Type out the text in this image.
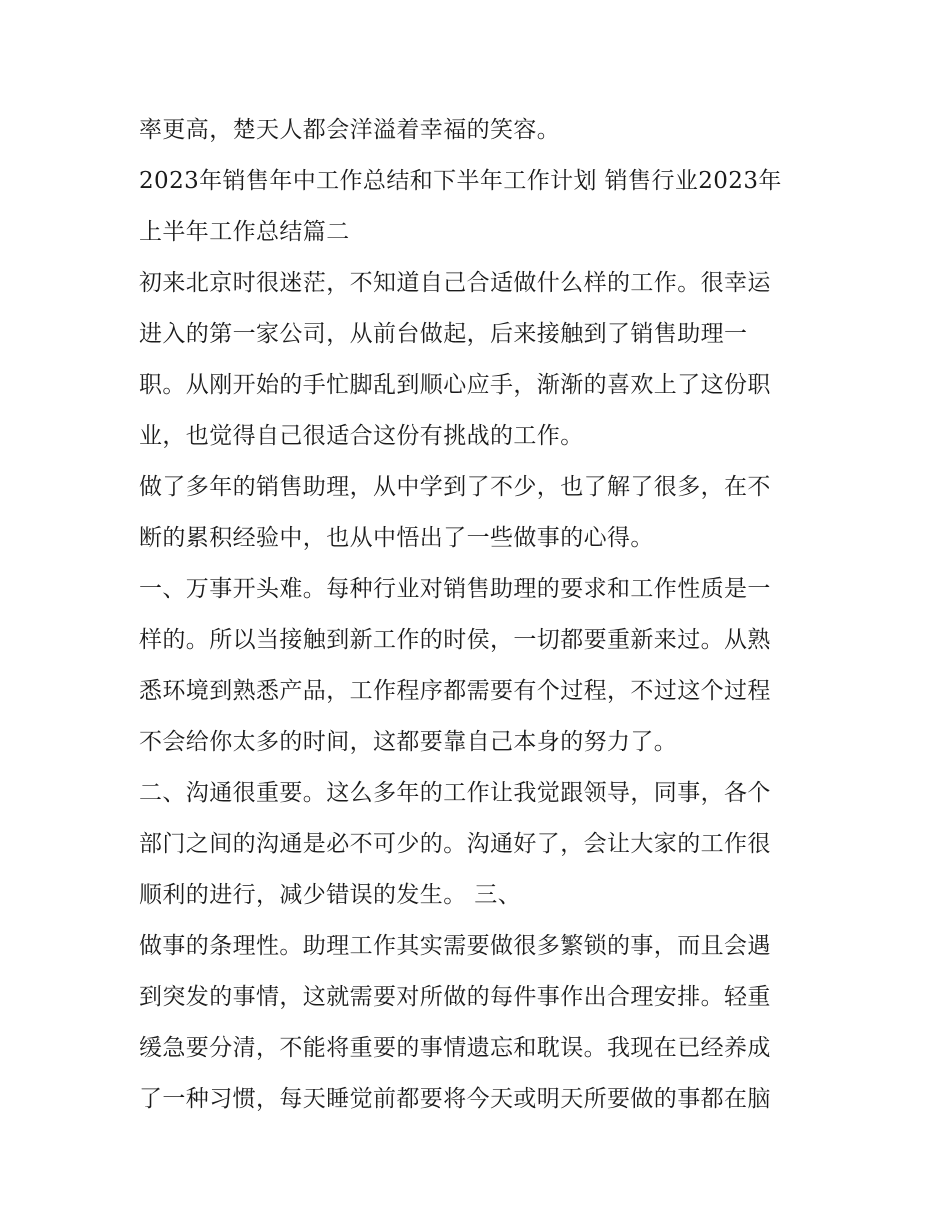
率更高，楚天人都会洋溢着幸福的笑容。
2023年销售年中工作总结和下半年工作计划 销售行业2023年
上半年工作总结篇二
初来北京时很迷茫，不知道自己合适做什么样的工作。很幸运
进入的第一家公司，从前台做起，后来接触到了销售助理一
职。从刚开始的手忙脚乱到顺心应手，渐渐的喜欢上了这份职
业，也觉得自己很适合这份有挑战的工作。
做了多年的销售助理，从中学到了不少，也了解了很多，在不
断的累积经验中，也从中悟出了一些做事的心得。
一、万事开头难。每种行业对销售助理的要求和工作性质是一
样的。所以当接触到新工作的时侯，一切都要重新来过。从熟
悉环境到熟悉产品，工作程序都需要有个过程，不过这个过程
不会给你太多的时间，这都要靠自己本身的努力了。
二、沟通很重要。这么多年的工作让我觉跟领导，同事，各个
部门之间的沟通是必不可少的。沟通好了，会让大家的工作很
顺利的进行，减少错误的发生。 三、
做事的条理性。助理工作其实需要做很多繁锁的事，而且会遇
到突发的事情，这就需要对所做的每件事作出合理安排。轻重
缓急要分清，不能将重要的事情遗忘和耽误。我现在已经养成
了一种习惯，每天睡觉前都要将今天或明天所要做的事都在脑
